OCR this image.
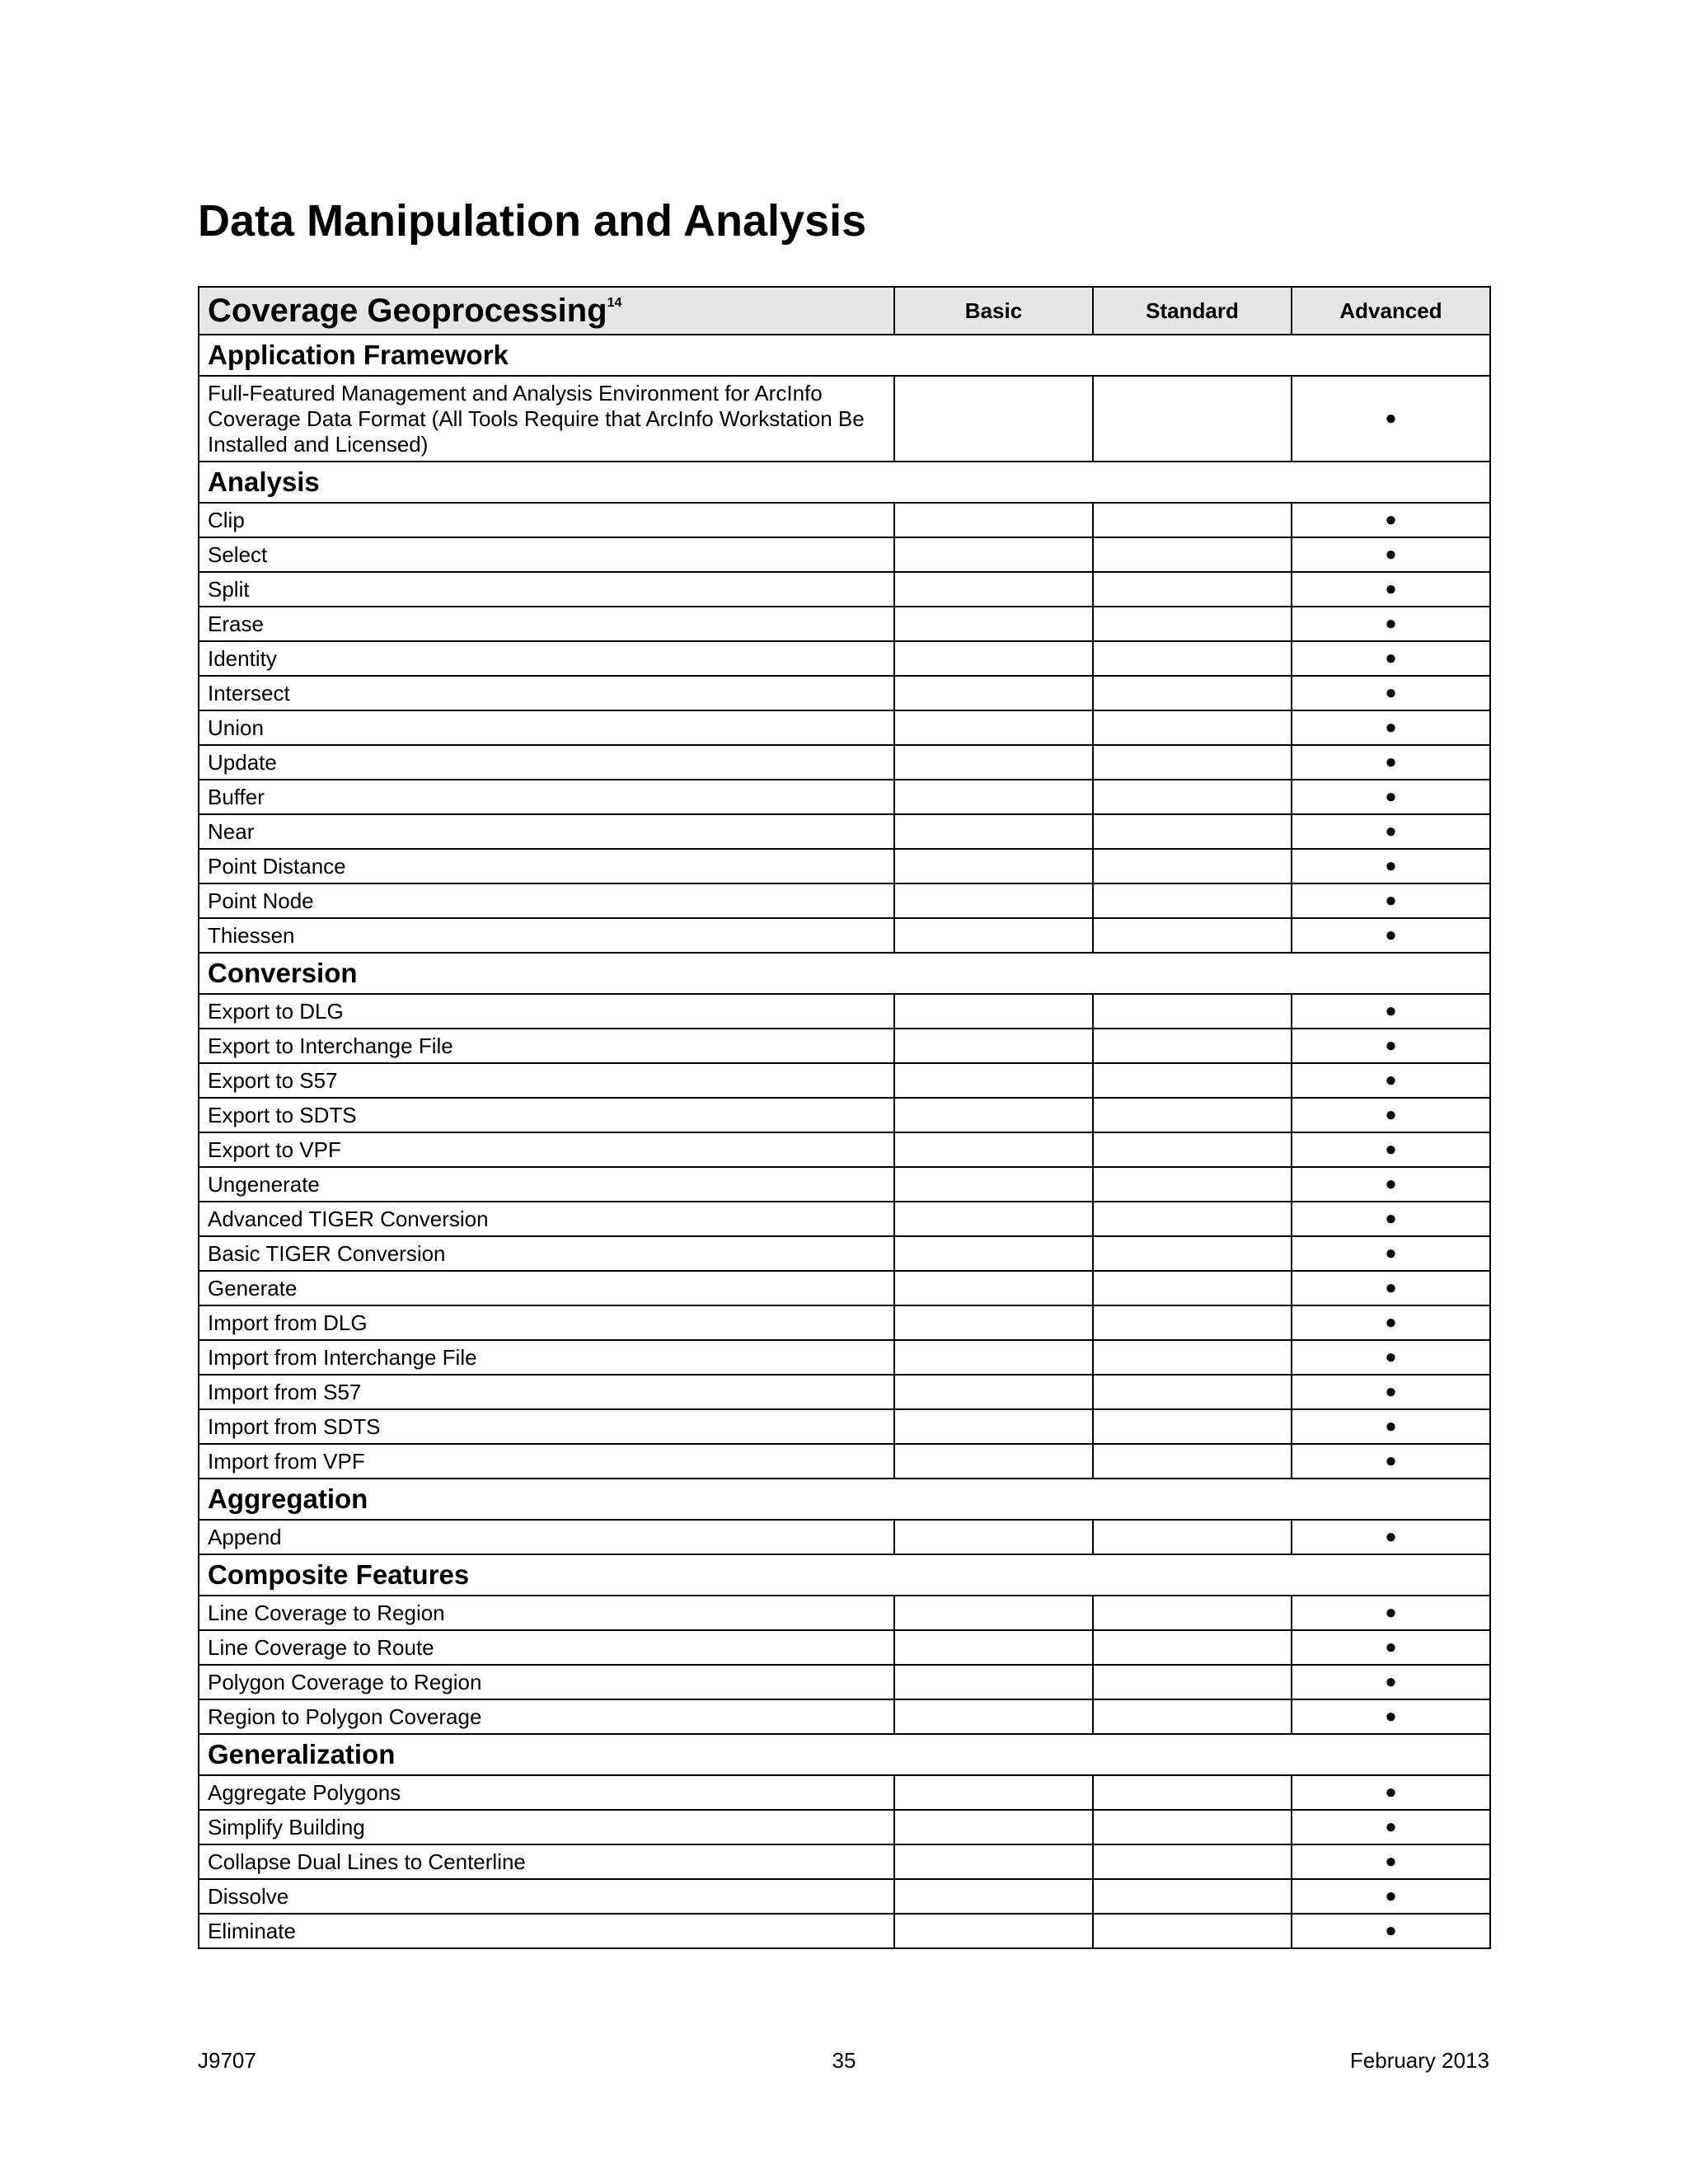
Data Manipulation and Analysis
Coverage Geoprocessing$^{14}$	Basic	Standard	Advanced
Application Framework			
Full-Featured Management and Analysis Environment for ArcInfo Coverage Data Format (All Tools Require that ArcInfo Workstation Be Installed and Licensed)			●
Analysis			
Clip			●
Select			●
Split			●
Erase			●
Identity			●
Intersect			●
Union			●
Update			●
Buffer			●
Near			●
Point Distance			●
Point Node			●
Thiessen			●
Conversion			
Export to DLG			●
Export to Interchange File			●
Export to S57			●
Export to SDTS			●
Export to VPF			●
Ungenerate			●
Advanced TIGER Conversion			●
Basic TIGER Conversion			●
Generate			●
Import from DLG			●
Import from Interchange File			●
Import from S57			●
Import from SDTS			●
Import from VPF			●
Aggregation			
Append			●
Composite Features			
Line Coverage to Region			●
Line Coverage to Route			●
Polygon Coverage to Region			●
Region to Polygon Coverage			●
Generalization			
Aggregate Polygons			●
Simplify Building			●
Collapse Dual Lines to Centerline			●
Dissolve			●
Eliminate			●
J9707	35	February 2013
